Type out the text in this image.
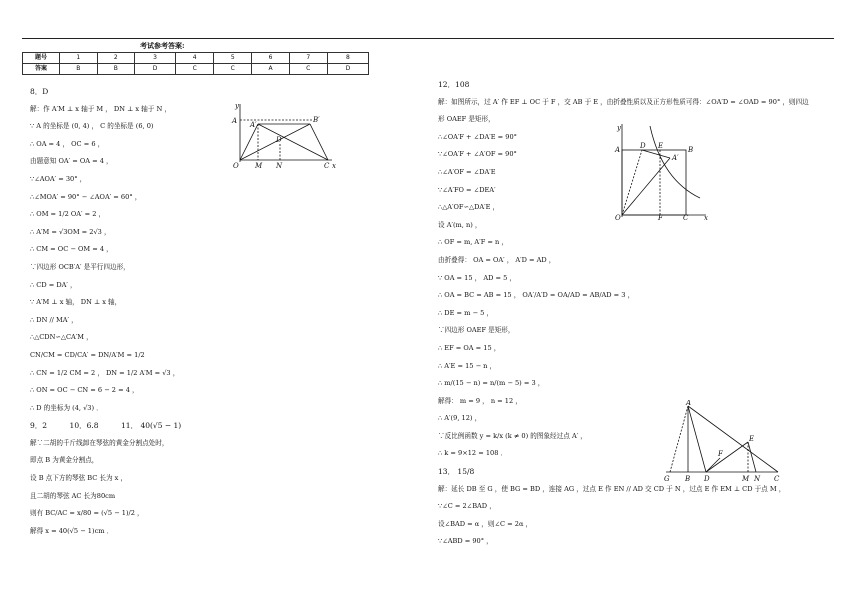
考试参考答案:
题号	1	2	3	4	5	6	7	8
答案	B	B	D	C	C	A	C	D
8．D
解：作 A′M ⊥ x 轴于 M ， DN ⊥ x 轴于 N ，
∵ A 的坐标是 (0, 4) ， C 的坐标是 (6, 0)
∴ OA = 4 ， OC = 6 ，
由题意知 OA′ = OA = 4 ，
∵∠AOA′ = 30° ，
∴∠MOA′ = 90° − ∠AOA′ = 60° ，
∴ OM = 1/2 OA′ = 2 ，
∴ A′M = √3OM = 2√3 ，
∴ CM = OC − OM = 4 ，
∵四边形 OCB′A′ 是平行四边形，
∴ CD = DA′ ，
∵ A′M ⊥ x 轴， DN ⊥ x 轴，
∴ DN // MA′ ，
∴△CDN∽△CA′M ，
CN/CM = CD/CA′ = DN/A′M = 1/2
∴ CN = 1/2 CM = 2 ， DN = 1/2 A′M = √3 ，
∴ ON = OC − CN = 6 − 2 = 4 ，
∴ D 的坐标为 (4, √3) ．
9．2　　　10．6.8　　　11． 40(√5 − 1)
解∵二胡的千斤线卸在琴弦的黄金分割点处时，
即点 B 为黄金分割点，
设 B 点下方的琴弦 BC 长为 x ，
且二胡的琴弦 AC 长为80cm
则有 BC/AC = x/80 = (√5 − 1)/2 ，
解得 x = 40(√5 − 1)cm ．
12．108
解：如图所示，过 A′ 作 EF ⊥ OC 于 F ，交 AB 于 E ，由折叠性质以及正方形性质可得：∠OA′D = ∠OAD = 90° ，则四边
形 OAEF 是矩形，
∴∠OA′F + ∠DA′E = 90°
∵∠OA′F + ∠A′OF = 90°
∴∠A′OF = ∠DA′E
∵∠A′FO = ∠DEA′
∴△A′OF∽△DA′E ，
设 A′(m, n) ，
∴ OF = m, A′F = n ，
由折叠得： OA = OA′ ， A′D = AD ，
∵ OA = 15 ， AD = 5 ，
∴ OA = BC = AB = 15 ， OA′/A′D = OA/AD = AB/AD = 3 ，
∴ DE = m − 5 ，
∵四边形 OAEF 是矩形，
∴ EF = OA = 15 ，
∴ A′E = 15 − n ，
∴ m/(15 − n) = n/(m − 5) = 3 ，
解得： m = 9 ， n = 12 ，
∴ A′(9, 12) ，
∵反比例函数 y = k/x (k ≠ 0) 的图象经过点 A′ ，
∴ k = 9×12 = 108 ．
13． 15/8
解：延长 DB 至 G ，使 BG = BD ，连接 AG ，过点 E 作 EN // AD 交 CD 于 N ，过点 E 作 EM ⊥ CD 于点 M ，
∵∠C = 2∠BAD ，
设∠BAD = α ，则∠C = 2α ，
∵∠ABD = 90° ，
y
x
O M N	C
A A′
B′
D
y
x
O
A	D E	B
A′
F	C
A
G B D	M N C
E
F
